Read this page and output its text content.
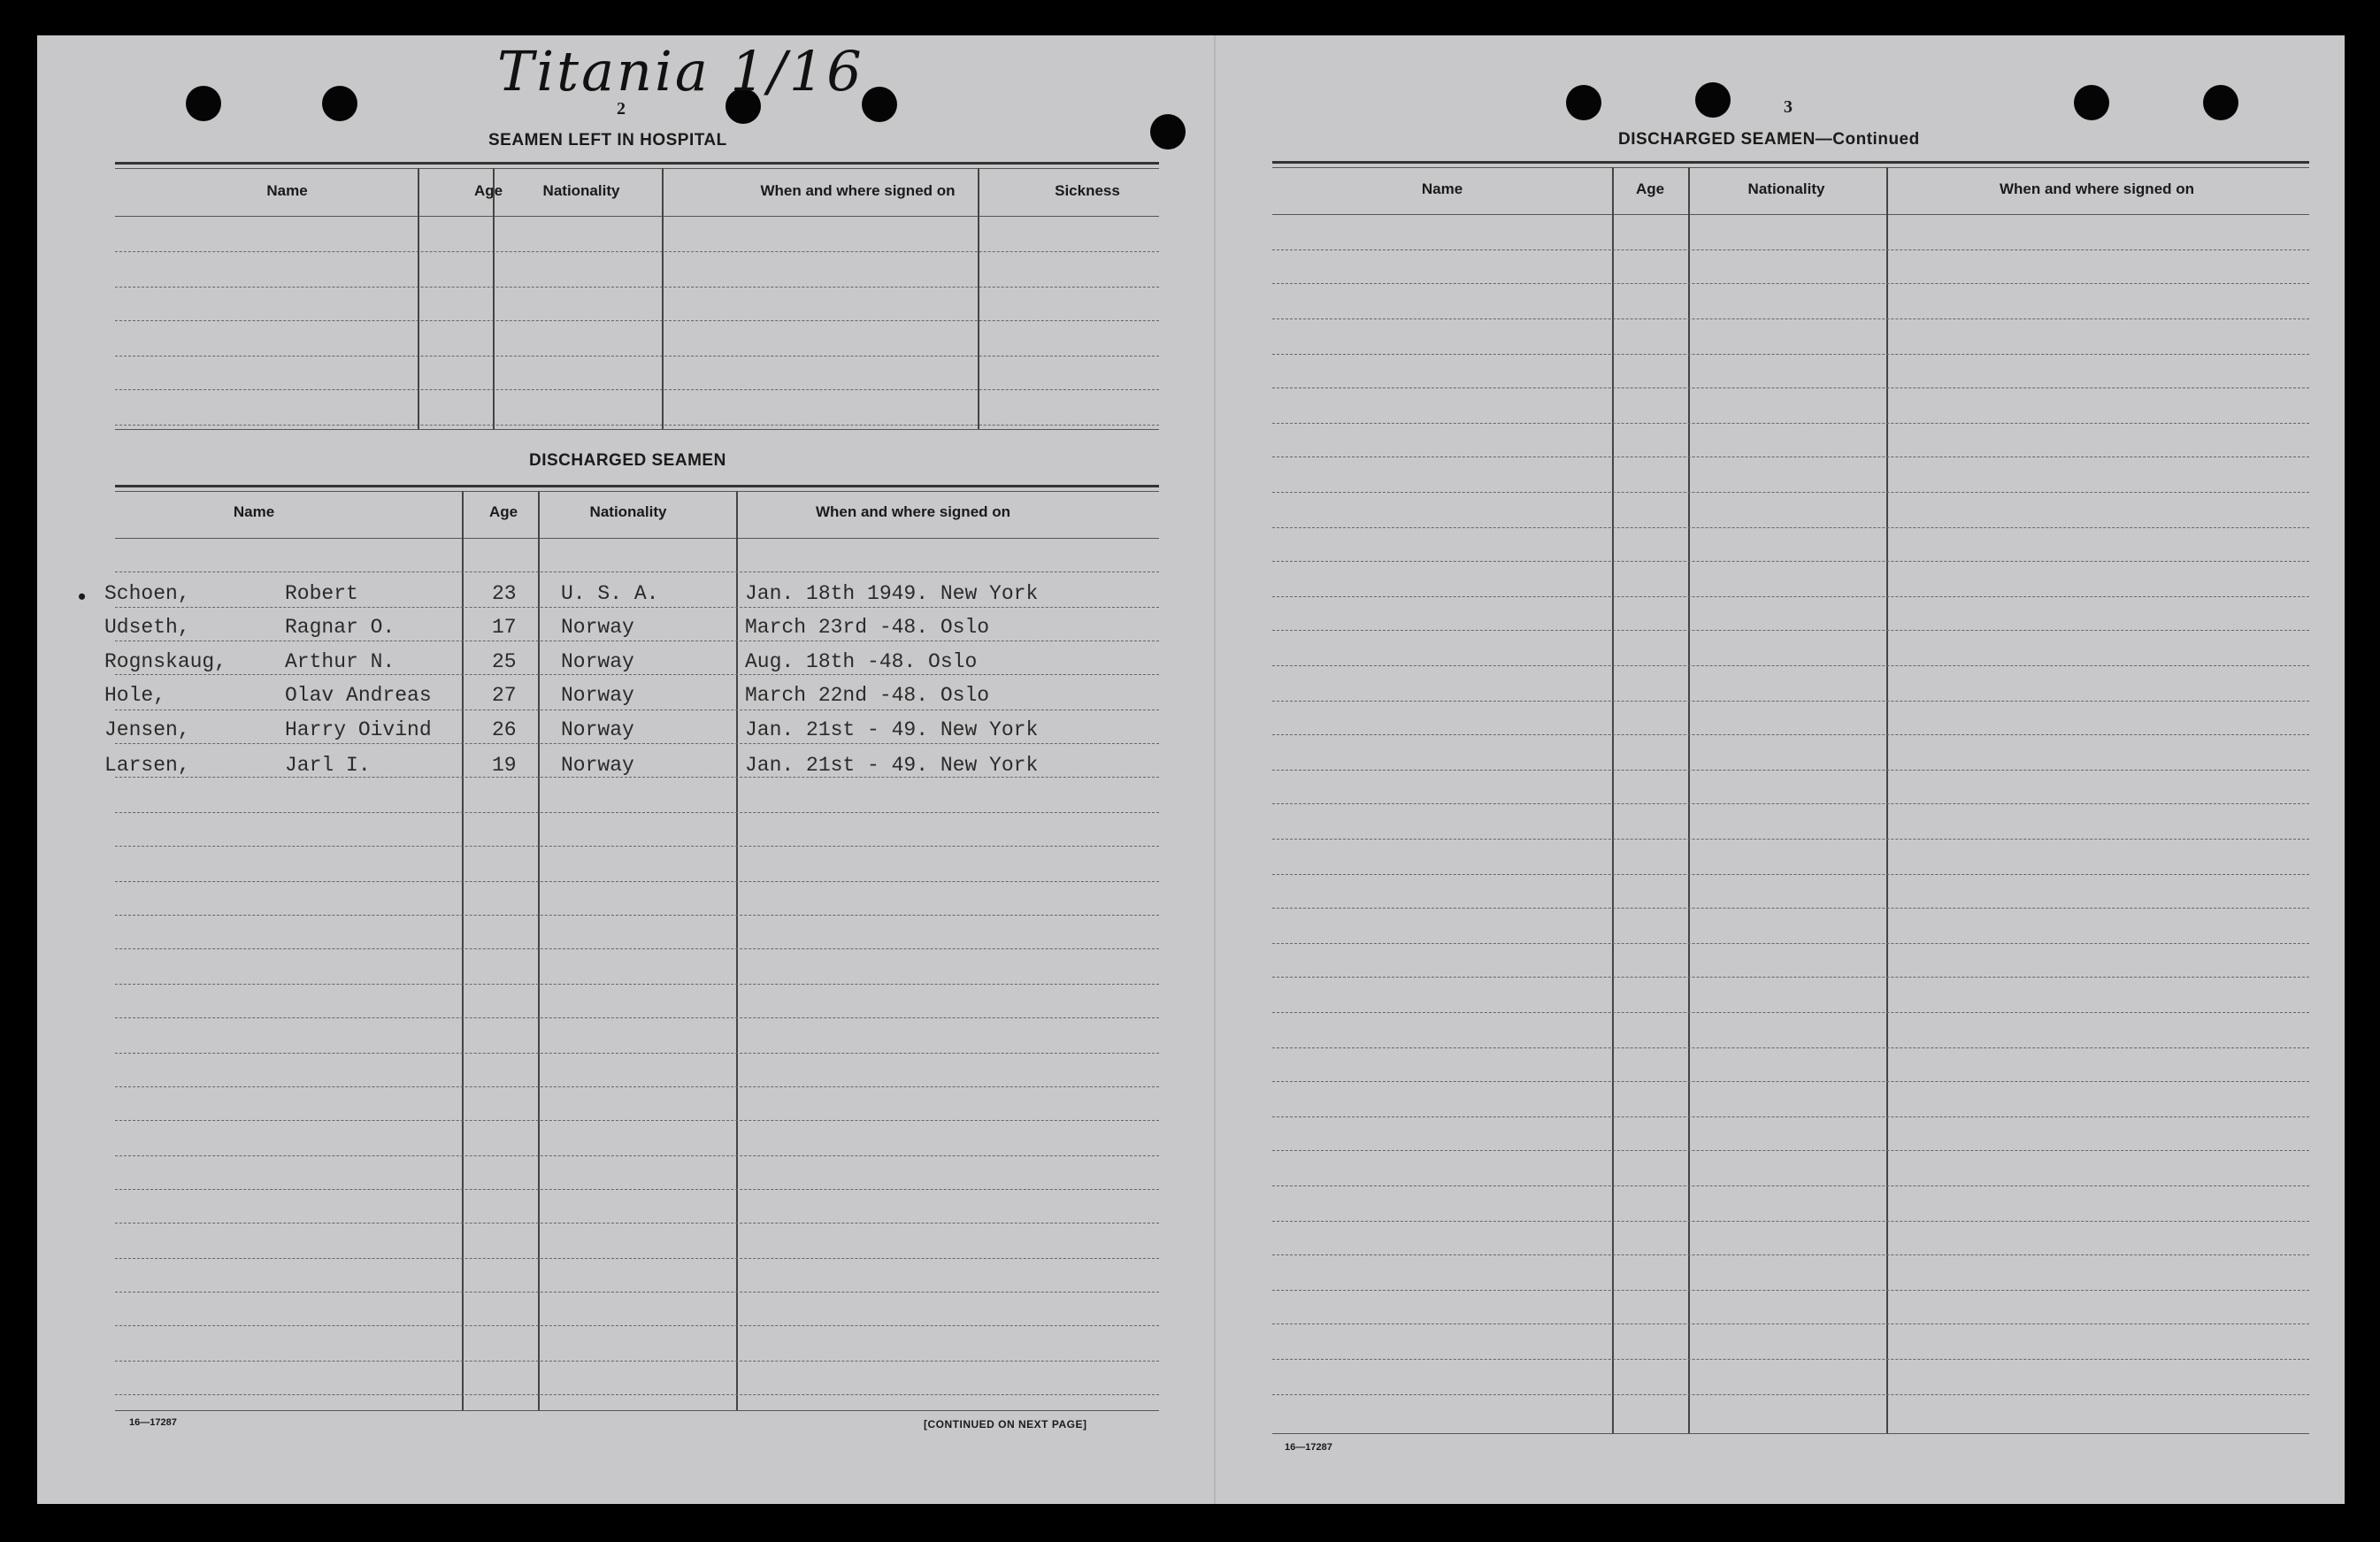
Titania 1/16
2
SEAMEN LEFT IN HOSPITAL
Name	Age	Nationality	When and where signed on	Sickness
DISCHARGED SEAMEN
Name	Age	Nationality	When and where signed on
• Schoen,	Robert	23 U. S. A.	Jan. 18th 1949. New York
Udseth,	Ragnar O.	17 Norway	March 23rd -48. Oslo
Rognskaug,	Arthur N.	25 Norway	Aug. 18th -48. Oslo
Hole,	Olav Andreas	27 Norway	March 22nd -48. Oslo
Jensen,	Harry Oivind	26 Norway	Jan. 21st - 49. New York
Larsen,	Jarl I.	19 Norway	Jan. 21st - 49. New York
16—17287	[CONTINUED ON NEXT PAGE]
3
DISCHARGED SEAMEN—Continued
Name	Age	Nationality	When and where signed on
16—17287
